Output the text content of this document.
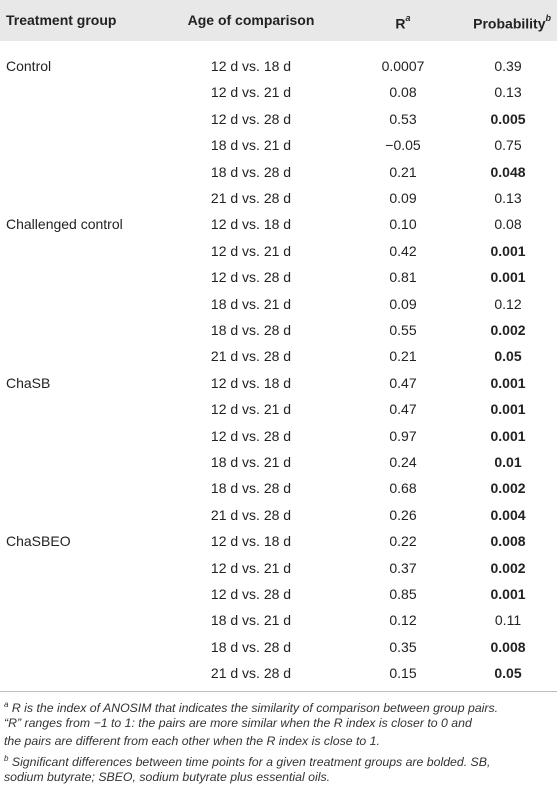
Treatment group	Age of comparison	$R^a$	Probability$^b$
Control	12 d vs. 18 d	0.0007	0.39
12 d vs. 21 d	0.08	0.13
12 d vs. 28 d	0.53	0.005
18 d vs. 21 d	−0.05	0.75
18 d vs. 28 d	0.21	0.048
21 d vs. 28 d	0.09	0.13
Challenged control	12 d vs. 18 d	0.10	0.08
12 d vs. 21 d	0.42	0.001
12 d vs. 28 d	0.81	0.001
18 d vs. 21 d	0.09	0.12
18 d vs. 28 d	0.55	0.002
21 d vs. 28 d	0.21	0.05
ChaSB	12 d vs. 18 d	0.47	0.001
12 d vs. 21 d	0.47	0.001
12 d vs. 28 d	0.97	0.001
18 d vs. 21 d	0.24	0.01
18 d vs. 28 d	0.68	0.002
21 d vs. 28 d	0.26	0.004
ChaSBEO	12 d vs. 18 d	0.22	0.008
12 d vs. 21 d	0.37	0.002
12 d vs. 28 d	0.85	0.001
18 d vs. 21 d	0.12	0.11
18 d vs. 28 d	0.35	0.008
21 d vs. 28 d	0.15	0.05
$^a$ R is the index of ANOSIM that indicates the similarity of comparison between group pairs.
“R” ranges from −1 to 1: the pairs are more similar when the R index is closer to 0 and
the pairs are different from each other when the R index is close to 1.
$^b$ Significant differences between time points for a given treatment groups are bolded. SB,
sodium butyrate; SBEO, sodium butyrate plus essential oils.
